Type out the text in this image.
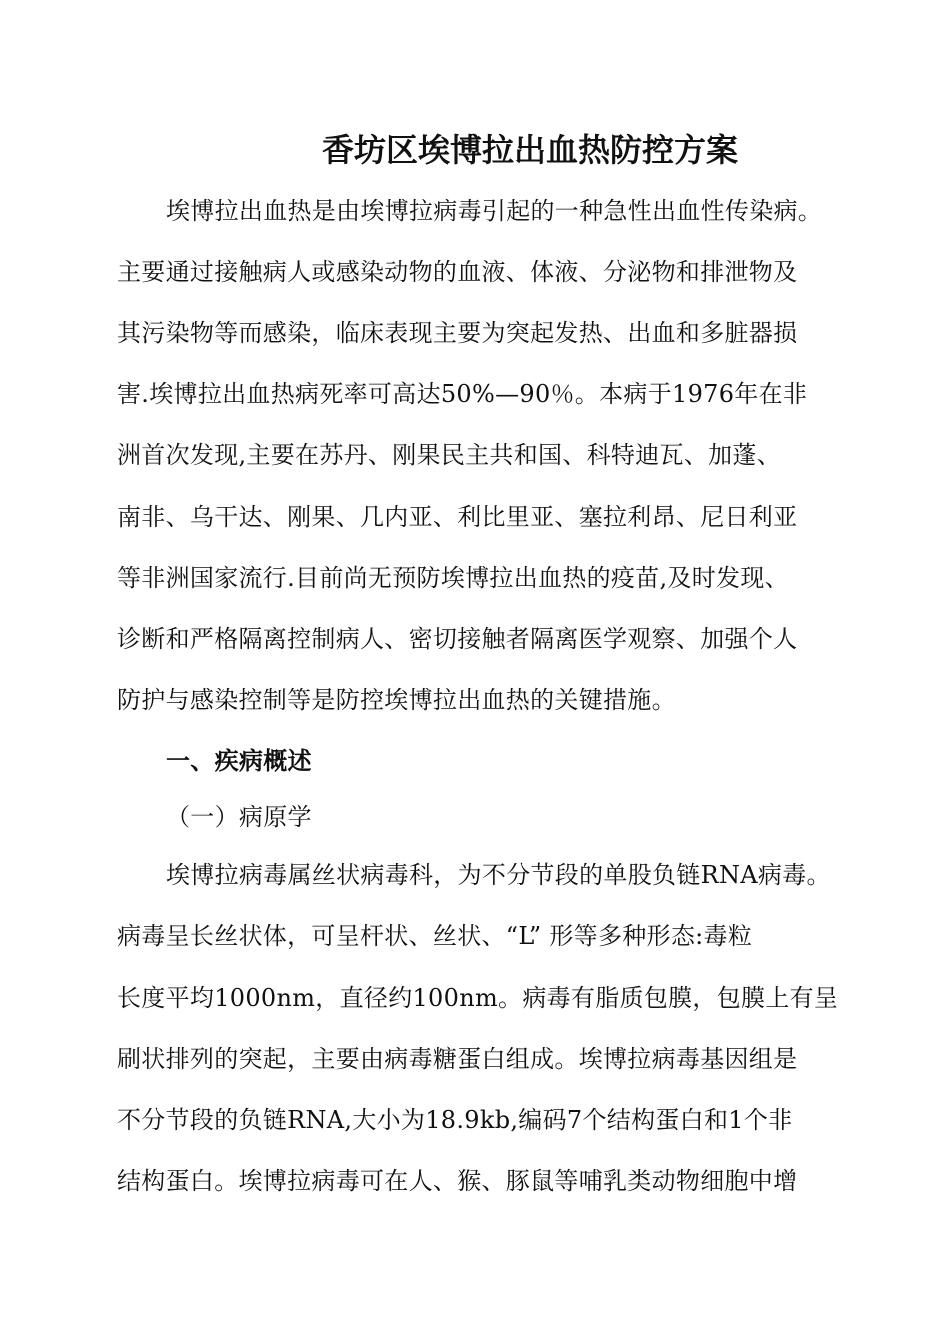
香坊区埃博拉出血热防控方案
埃博拉出血热是由埃博拉病毒引起的一种急性出血性传染病。
主要通过接触病人或感染动物的血液、体液、分泌物和排泄物及
其污染物等而感染，临床表现主要为突起发热、出血和多脏器损
害.埃博拉出血热病死率可高达50%—90％。本病于1976年在非
洲首次发现,主要在苏丹、刚果民主共和国、科特迪瓦、加蓬、
南非、乌干达、刚果、几内亚、利比里亚、塞拉利昂、尼日利亚
等非洲国家流行.目前尚无预防埃博拉出血热的疫苗,及时发现、
诊断和严格隔离控制病人、密切接触者隔离医学观察、加强个人
防护与感染控制等是防控埃博拉出血热的关键措施。
一、疾病概述
（一）病原学
埃博拉病毒属丝状病毒科，为不分节段的单股负链RNA病毒。
病毒呈长丝状体，可呈杆状、丝状、“L” 形等多种形态:毒粒
长度平均1000nm，直径约100nm。病毒有脂质包膜，包膜上有呈
刷状排列的突起，主要由病毒糖蛋白组成。埃博拉病毒基因组是
不分节段的负链RNA,大小为18.9kb,编码7个结构蛋白和1个非
结构蛋白。埃博拉病毒可在人、猴、豚鼠等哺乳类动物细胞中增
